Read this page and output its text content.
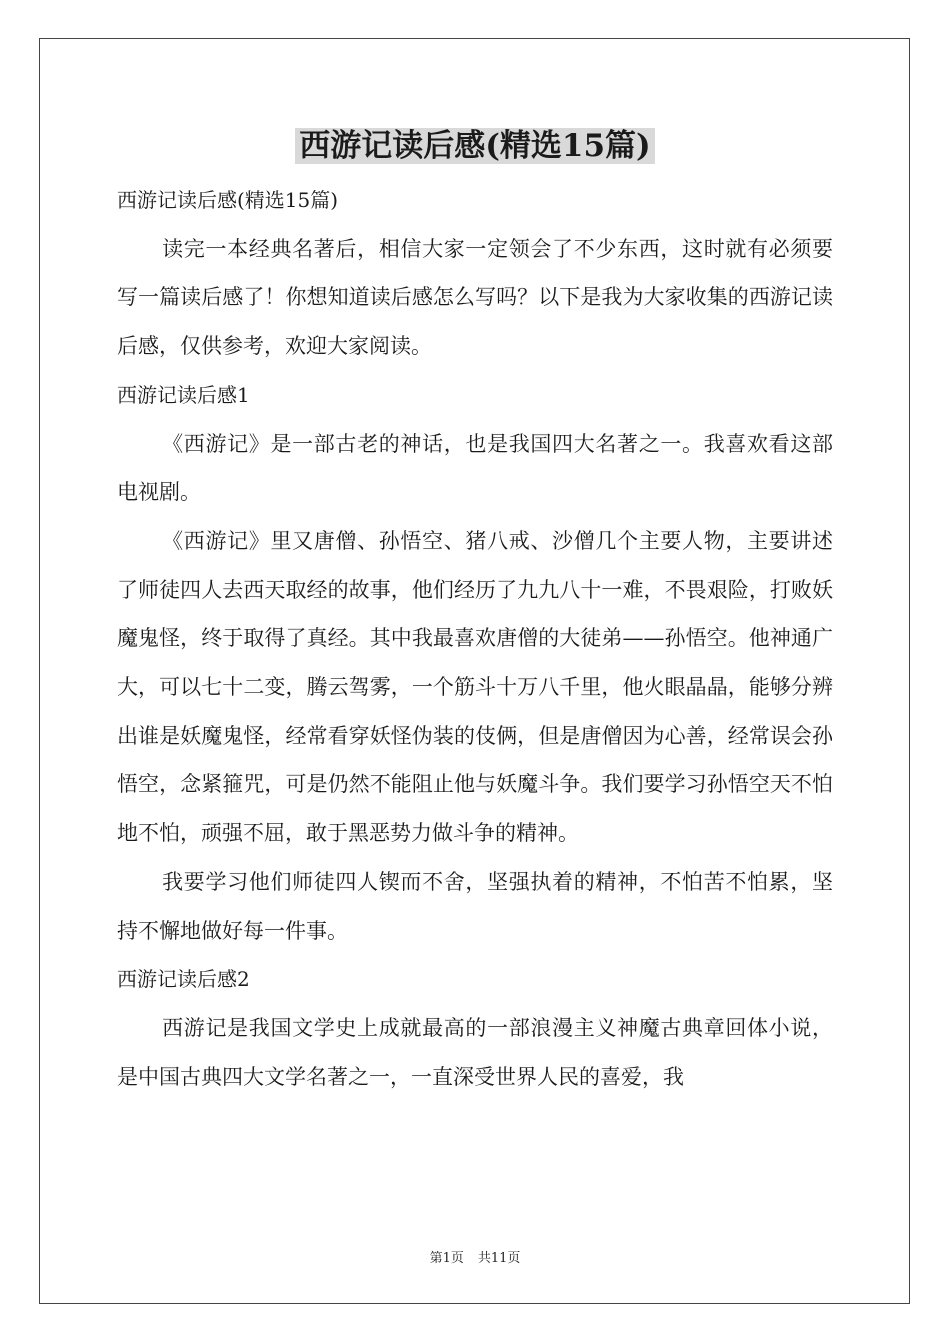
西游记读后感(精选15篇)

西游记读后感(精选15篇)

读完一本经典名著后，相信大家一定领会了不少东西，这时就有必须要写一篇读后感了！你想知道读后感怎么写吗？以下是我为大家收集的西游记读后感，仅供参考，欢迎大家阅读。

西游记读后感1

《西游记》是一部古老的神话，也是我国四大名著之一。我喜欢看这部电视剧。

《西游记》里又唐僧、孙悟空、猪八戒、沙僧几个主要人物，主要讲述了师徒四人去西天取经的故事，他们经历了九九八十一难，不畏艰险，打败妖魔鬼怪，终于取得了真经。其中我最喜欢唐僧的大徒弟——孙悟空。他神通广大，可以七十二变，腾云驾雾，一个筋斗十万八千里，他火眼晶晶，能够分辨出谁是妖魔鬼怪，经常看穿妖怪伪装的伎俩，但是唐僧因为心善，经常误会孙悟空，念紧箍咒，可是仍然不能阻止他与妖魔斗争。我们要学习孙悟空天不怕地不怕，顽强不屈，敢于黑恶势力做斗争的精神。

我要学习他们师徒四人锲而不舍，坚强执着的精神，不怕苦不怕累，坚持不懈地做好每一件事。

西游记读后感2

西游记是我国文学史上成就最高的一部浪漫主义神魔古典章回体小说，是中国古典四大文学名著之一，一直深受世界人民的喜爱，我

第1页 共11页
